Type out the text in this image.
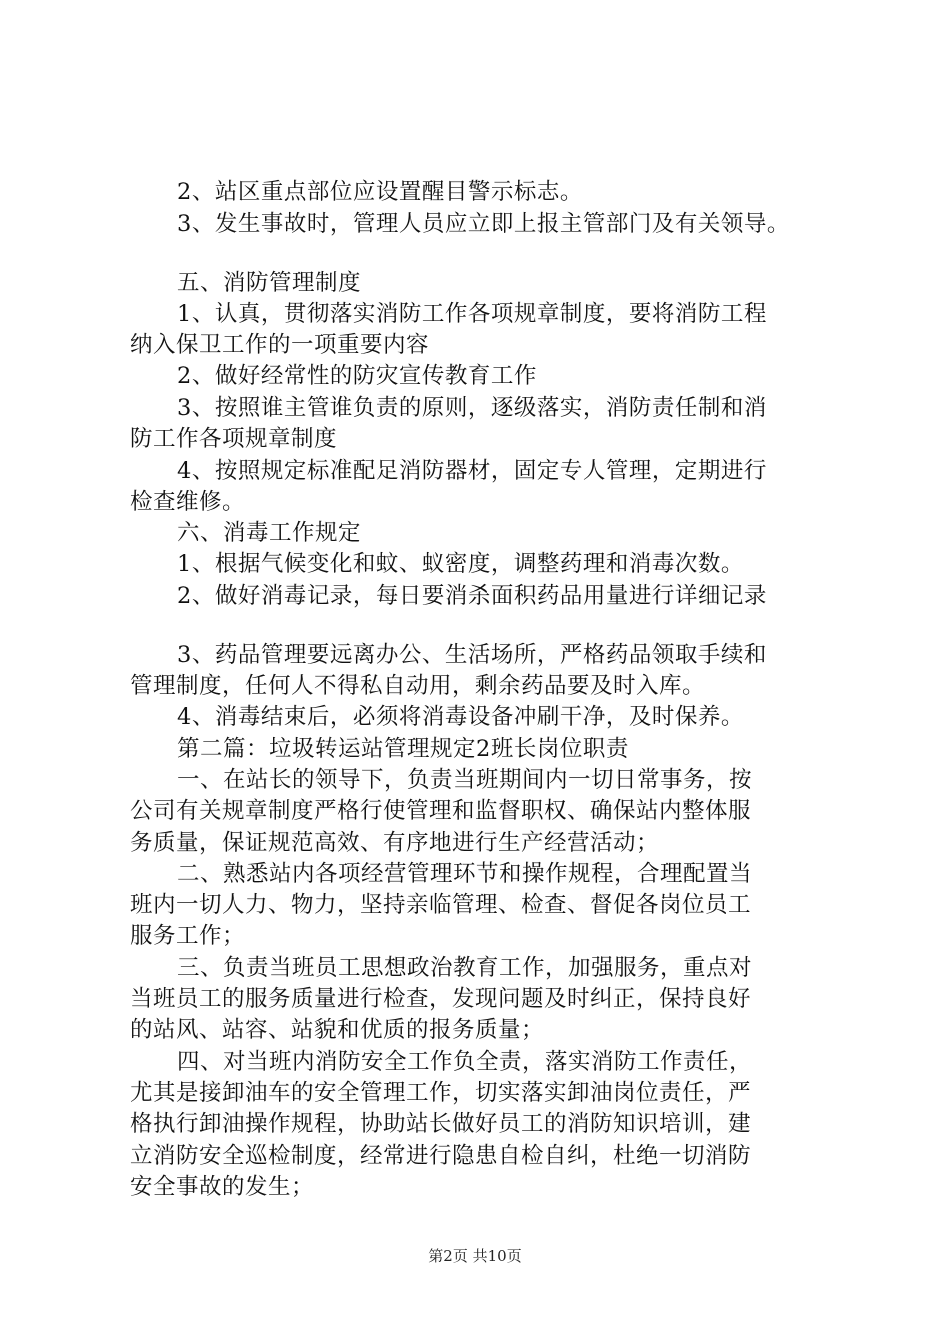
2、站区重点部位应设置醒目警示标志。
3、发生事故时，管理人员应立即上报主管部门及有关领导。
五、消防管理制度
1、认真，贯彻落实消防工作各项规章制度，要将消防工程
纳入保卫工作的一项重要内容
2、做好经常性的防灾宣传教育工作
3、按照谁主管谁负责的原则，逐级落实，消防责任制和消
防工作各项规章制度
4、按照规定标准配足消防器材，固定专人管理，定期进行
检查维修。
六、消毒工作规定
1、根据气候变化和蚊、蚁密度，调整药理和消毒次数。
2、做好消毒记录，每日要消杀面积药品用量进行详细记录
3、药品管理要远离办公、生活场所，严格药品领取手续和
管理制度，任何人不得私自动用，剩余药品要及时入库。
4、消毒结束后，必须将消毒设备冲刷干净，及时保养。
第二篇：垃圾转运站管理规定2班长岗位职责
一、在站长的领导下，负责当班期间内一切日常事务，按
公司有关规章制度严格行使管理和监督职权、确保站内整体服
务质量，保证规范高效、有序地进行生产经营活动；
二、熟悉站内各项经营管理环节和操作规程，合理配置当
班内一切人力、物力，坚持亲临管理、检查、督促各岗位员工
服务工作；
三、负责当班员工思想政治教育工作，加强服务，重点对
当班员工的服务质量进行检查，发现问题及时纠正，保持良好
的站风、站容、站貌和优质的报务质量；
四、对当班内消防安全工作负全责，落实消防工作责任，
尤其是接卸油车的安全管理工作，切实落实卸油岗位责任，严
格执行卸油操作规程，协助站长做好员工的消防知识培训，建
立消防安全巡检制度，经常进行隐患自检自纠，杜绝一切消防
安全事故的发生；
第2页 共10页
